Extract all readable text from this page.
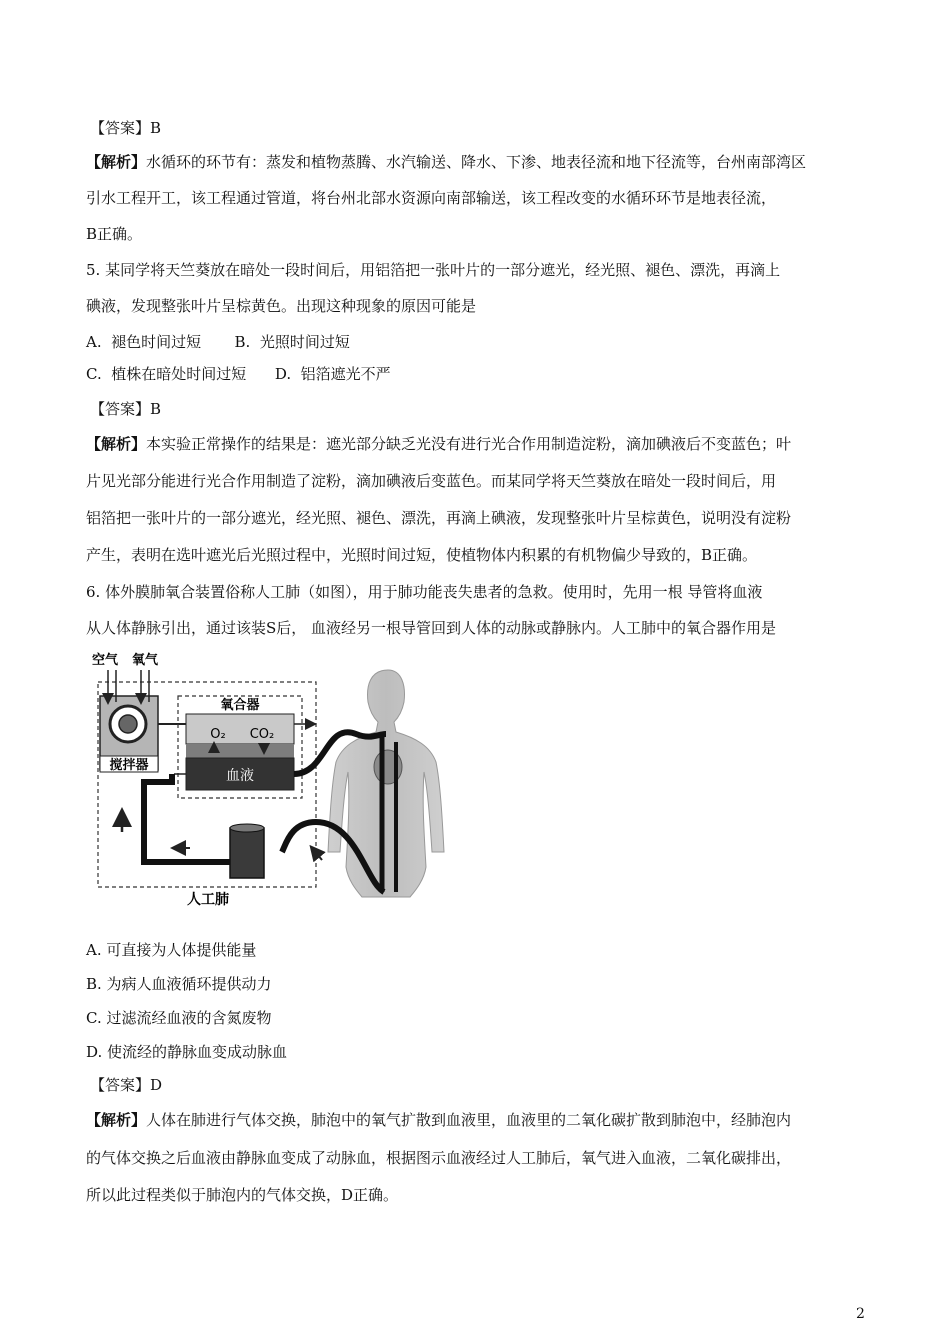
【答案】B
【解析】水循环的环节有：蒸发和植物蒸腾、水汽输送、降水、下渗、地表径流和地下径流等，台州南部湾区
引水工程开工，该工程通过管道，将台州北部水资源向南部输送，该工程改变的水循环环节是地表径流，
B正确。
5. 某同学将天竺葵放在暗处一段时间后，用铝箔把一张叶片的一部分遮光，经光照、褪色、漂洗，再滴上
碘液，发现整张叶片呈棕黄色。出现这种现象的原因可能是
A.  褪色时间过短       B.  光照时间过短
C.  植株在暗处时间过短      D.  铝箔遮光不严
【答案】B
【解析】本实验正常操作的结果是：遮光部分缺乏光没有进行光合作用制造淀粉，滴加碘液后不变蓝色；叶
片见光部分能进行光合作用制造了淀粉，滴加碘液后变蓝色。而某同学将天竺葵放在暗处一段时间后，用
铝箔把一张叶片的一部分遮光，经光照、褪色、漂洗，再滴上碘液，发现整张叶片呈棕黄色，说明没有淀粉
产生，表明在选叶遮光后光照过程中，光照时间过短，使植物体内积累的有机物偏少导致的，B正确。
6. 体外膜肺氧合装置俗称人工肺（如图），用于肺功能丧失患者的急救。使用时，先用一根 导管将血液
从人体静脉引出，通过该装S后， 血液经另一根导管回到人体的动脉或静脉内。人工肺中的氧合器作用是
搅拌器
空气 氧气
氧合器
O₂ CO₂
血液
人工肺
A. 可直接为人体提供能量
B. 为病人血液循环提供动力
C. 过滤流经血液的含氮废物
D. 使流经的静脉血变成动脉血
【答案】D
【解析】人体在肺进行气体交换，肺泡中的氧气扩散到血液里，血液里的二氧化碳扩散到肺泡中，经肺泡内
的气体交换之后血液由静脉血变成了动脉血，根据图示血液经过人工肺后，氧气进入血液，二氧化碳排出，
所以此过程类似于肺泡内的气体交换，D正确。
2
